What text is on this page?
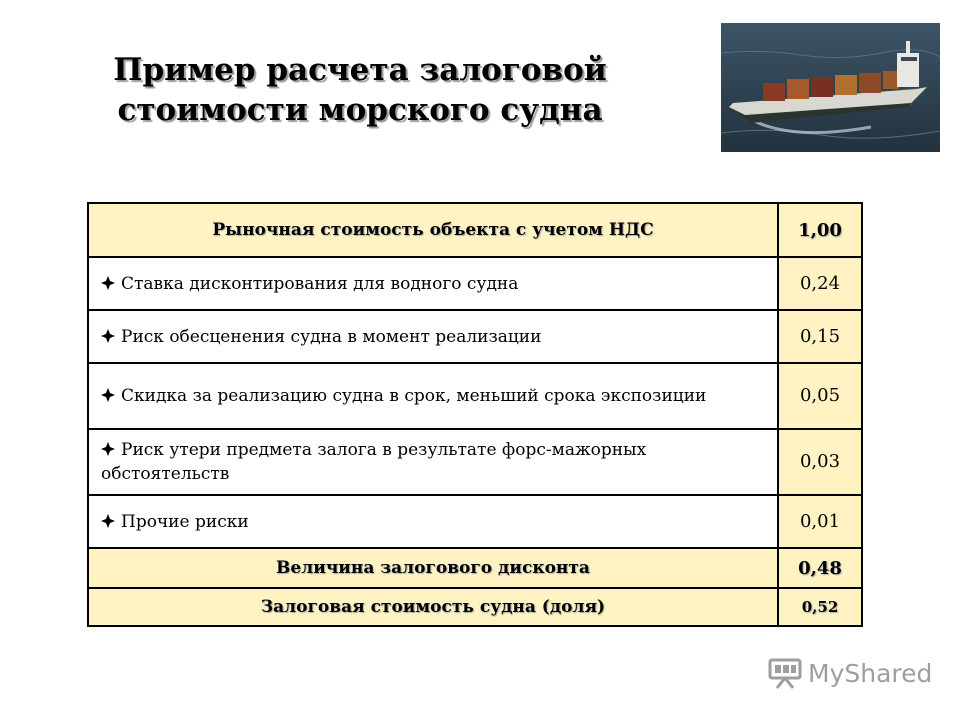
Пример расчета залоговой
стоимости морского судна
Рыночная стоимость объекта с учетом НДС	1,00
Ставка дисконтирования для водного судна	0,24
Риск обесценения судна в момент реализации	0,15
Скидка за реализацию судна в срок, меньший срока экспозиции	0,05
Риск утери предмета залога в результате форс-мажорных обстоятельств	0,03
Прочие риски	0,01
Величина залогового дисконта	0,48
Залоговая стоимость судна (доля)	0,52
MyShared
